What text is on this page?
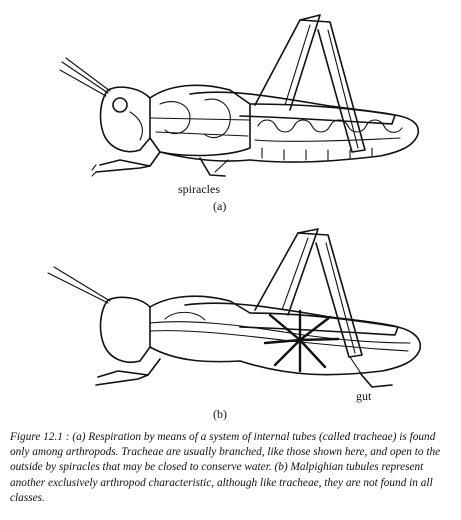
spiracles
(a)
gut
(b)
Figure 12.1 : (a) Respiration by means of a system of internal tubes (called tracheae) is found only among arthropods. Tracheae are usually branched, like those shown here, and open to the outside by spiracles that may be closed to conserve water. (b) Malpighian tubules represent another exclusively arthropod characteristic, although like tracheae, they are not found in all classes.
